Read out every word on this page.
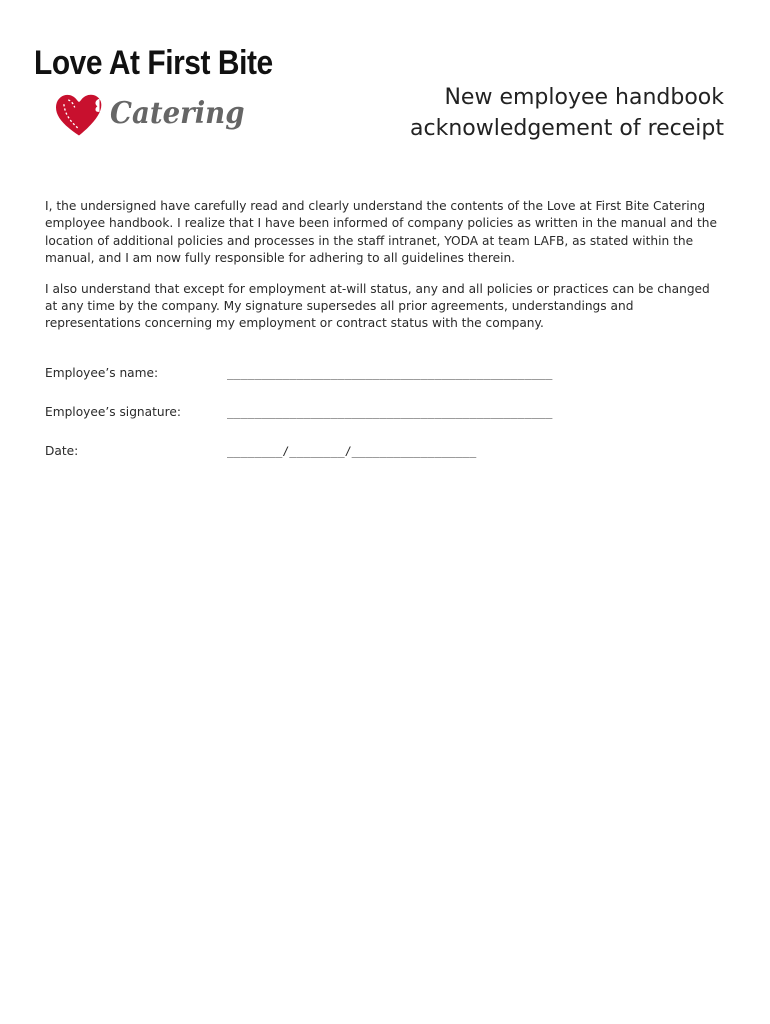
Love At First Bite
Catering	New employee handbook
acknowledgement of receipt

I, the undersigned have carefully read and clearly understand the contents of the Love at First Bite Catering employee handbook. I realize that I have been informed of company policies as written in the manual and the location of additional policies and processes in the staff intranet, YODA at team LAFB, as stated within the manual, and I am now fully responsible for adhering to all guidelines therein.

I also understand that except for employment at-will status, any and all policies or practices can be changed at any time by the company. My signature supersedes all prior agreements, understandings and representations concerning my employment or contract status with the company.

Employee’s name:	_______________________________________________
Employee’s signature:	_______________________________________________
Date:	________/________/__________________
